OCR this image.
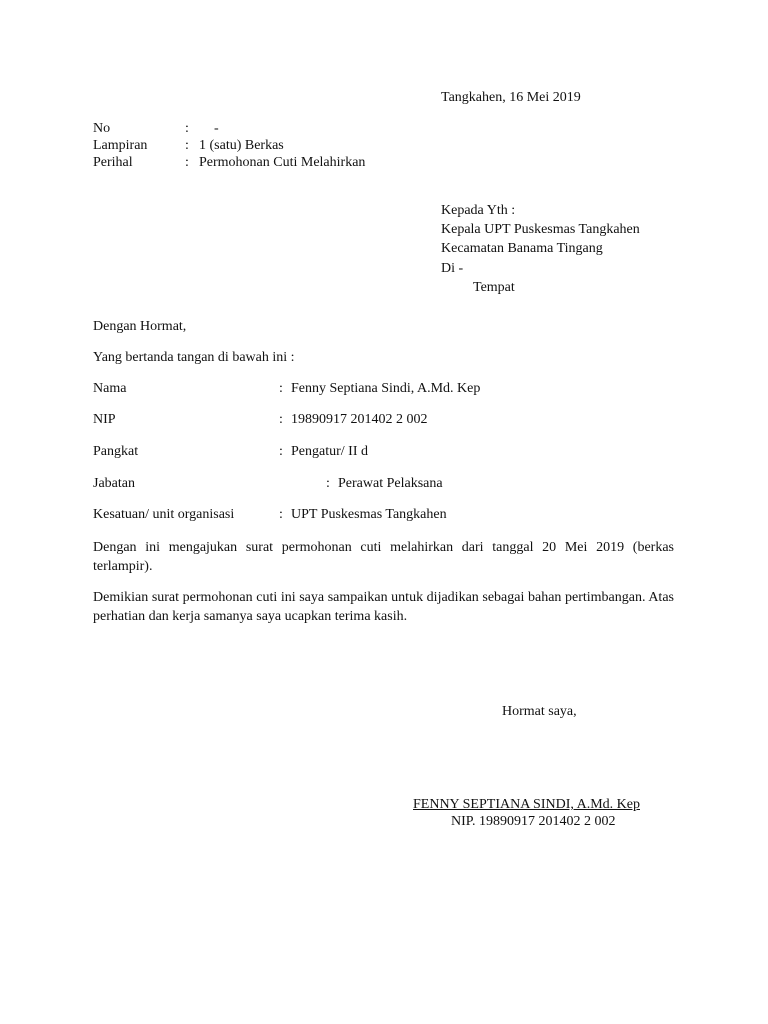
Tangkahen, 16 Mei 2019
No	: -
Lampiran	: 1 (satu) Berkas
Perihal	: Permohonan Cuti Melahirkan
Kepada Yth :
Kepala UPT Puskesmas Tangkahen
Kecamatan Banama Tingang
Di -
Tempat
Dengan Hormat,
Yang bertanda tangan di bawah ini :
Nama	: Fenny Septiana Sindi, A.Md. Kep
NIP	: 19890917 201402 2 002
Pangkat	: Pengatur/ II d
Jabatan	: Perawat Pelaksana
Kesatuan/ unit organisasi	: UPT Puskesmas Tangkahen
Dengan ini mengajukan surat permohonan cuti melahirkan dari tanggal 20 Mei 2019 (berkas terlampir).
Demikian surat permohonan cuti ini saya sampaikan untuk dijadikan sebagai bahan pertimbangan. Atas perhatian dan kerja samanya saya ucapkan terima kasih.
Hormat saya,
FENNY SEPTIANA SINDI, A.Md. Kep
NIP. 19890917 201402 2 002
